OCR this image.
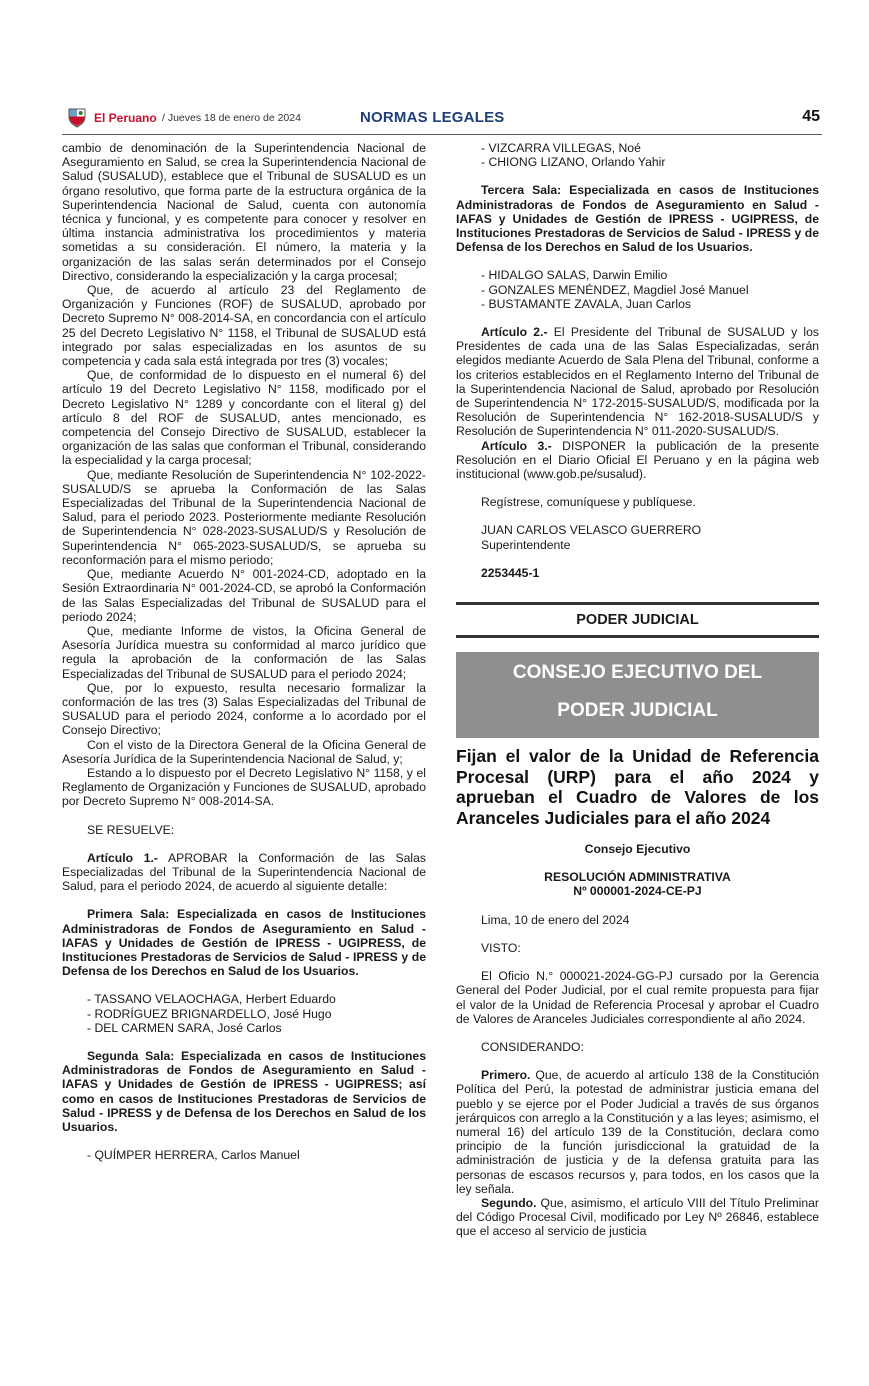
El Peruano / Jueves 18 de enero de 2024	NORMAS LEGALES	45

cambio de denominación de la Superintendencia Nacional de Aseguramiento en Salud, se crea la Superintendencia Nacional de Salud (SUSALUD), establece que el Tribunal de SUSALUD es un órgano resolutivo, que forma parte de la estructura orgánica de la Superintendencia Nacional de Salud, cuenta con autonomía técnica y funcional, y es competente para conocer y resolver en última instancia administrativa los procedimientos y materia sometidas a su consideración. El número, la materia y la organización de las salas serán determinados por el Consejo Directivo, considerando la especialización y la carga procesal;

Que, de acuerdo al artículo 23 del Reglamento de Organización y Funciones (ROF) de SUSALUD, aprobado por Decreto Supremo N° 008-2014-SA, en concordancia con el artículo 25 del Decreto Legislativo N° 1158, el Tribunal de SUSALUD está integrado por salas especializadas en los asuntos de su competencia y cada sala está integrada por tres (3) vocales;

Que, de conformidad de lo dispuesto en el numeral 6) del artículo 19 del Decreto Legislativo N° 1158, modificado por el Decreto Legislativo N° 1289 y concordante con el literal g) del artículo 8 del ROF de SUSALUD, antes mencionado, es competencia del Consejo Directivo de SUSALUD, establecer la organización de las salas que conforman el Tribunal, considerando la especialidad y la carga procesal;

Que, mediante Resolución de Superintendencia N° 102-2022-SUSALUD/S se aprueba la Conformación de las Salas Especializadas del Tribunal de la Superintendencia Nacional de Salud, para el periodo 2023. Posteriormente mediante Resolución de Superintendencia N° 028-2023-SUSALUD/S y Resolución de Superintendencia N° 065-2023-SUSALUD/S, se aprueba su reconformación para el mismo periodo;

Que, mediante Acuerdo N° 001-2024-CD, adoptado en la Sesión Extraordinaria N° 001-2024-CD, se aprobó la Conformación de las Salas Especializadas del Tribunal de SUSALUD para el periodo 2024;

Que, mediante Informe de vistos, la Oficina General de Asesoría Jurídica muestra su conformidad al marco jurídico que regula la aprobación de la conformación de las Salas Especializadas del Tribunal de SUSALUD para el periodo 2024;

Que, por lo expuesto, resulta necesario formalizar la conformación de las tres (3) Salas Especializadas del Tribunal de SUSALUD para el periodo 2024, conforme a lo acordado por el Consejo Directivo;

Con el visto de la Directora General de la Oficina General de Asesoría Jurídica de la Superintendencia Nacional de Salud, y;

Estando a lo dispuesto por el Decreto Legislativo N° 1158, y el Reglamento de Organización y Funciones de SUSALUD, aprobado por Decreto Supremo N° 008-2014-SA.

SE RESUELVE:

Artículo 1.- APROBAR la Conformación de las Salas Especializadas del Tribunal de la Superintendencia Nacional de Salud, para el periodo 2024, de acuerdo al siguiente detalle:

Primera Sala: Especializada en casos de Instituciones Administradoras de Fondos de Aseguramiento en Salud - IAFAS y Unidades de Gestión de IPRESS - UGIPRESS, de Instituciones Prestadoras de Servicios de Salud - IPRESS y de Defensa de los Derechos en Salud de los Usuarios.

- TASSANO VELAOCHAGA, Herbert Eduardo
- RODRÍGUEZ BRIGNARDELLO, José Hugo
- DEL CARMEN SARA, José Carlos

Segunda Sala: Especializada en casos de Instituciones Administradoras de Fondos de Aseguramiento en Salud - IAFAS y Unidades de Gestión de IPRESS - UGIPRESS; así como en casos de Instituciones Prestadoras de Servicios de Salud - IPRESS y de Defensa de los Derechos en Salud de los Usuarios.

- QUÍMPER HERRERA, Carlos Manuel
- VIZCARRA VILLEGAS, Noé
- CHIONG LIZANO, Orlando Yahir

Tercera Sala: Especializada en casos de Instituciones Administradoras de Fondos de Aseguramiento en Salud - IAFAS y Unidades de Gestión de IPRESS - UGIPRESS, de Instituciones Prestadoras de Servicios de Salud - IPRESS y de Defensa de los Derechos en Salud de los Usuarios.

- HIDALGO SALAS, Darwin Emilio
- GONZALES MENÉNDEZ, Magdiel José Manuel
- BUSTAMANTE ZAVALA, Juan Carlos

Artículo 2.- El Presidente del Tribunal de SUSALUD y los Presidentes de cada una de las Salas Especializadas, serán elegidos mediante Acuerdo de Sala Plena del Tribunal, conforme a los criterios establecidos en el Reglamento Interno del Tribunal de la Superintendencia Nacional de Salud, aprobado por Resolución de Superintendencia N° 172-2015-SUSALUD/S, modificada por la Resolución de Superintendencia N° 162-2018-SUSALUD/S y Resolución de Superintendencia N° 011-2020-SUSALUD/S.

Artículo 3.- DISPONER la publicación de la presente Resolución en el Diario Oficial El Peruano y en la página web institucional (www.gob.pe/susalud).

Regístrese, comuníquese y publíquese.

JUAN CARLOS VELASCO GUERRERO

Superintendente

2253445-1

PODER JUDICIAL
CONSEJO EJECUTIVO DEL
PODER JUDICIAL
Fijan el valor de la Unidad de Referencia Procesal (URP) para el año 2024 y aprueban el Cuadro de Valores de los Aranceles Judiciales para el año 2024

Consejo Ejecutivo

RESOLUCIÓN ADMINISTRATIVA

Nº 000001-2024-CE-PJ

Lima, 10 de enero del 2024

VISTO:

El Oficio N.° 000021-2024-GG-PJ cursado por la Gerencia General del Poder Judicial, por el cual remite propuesta para fijar el valor de la Unidad de Referencia Procesal y aprobar el Cuadro de Valores de Aranceles Judiciales correspondiente al año 2024.

CONSIDERANDO:

Primero. Que, de acuerdo al artículo 138 de la Constitución Política del Perú, la potestad de administrar justicia emana del pueblo y se ejerce por el Poder Judicial a través de sus órganos jerárquicos con arreglo a la Constitución y a las leyes; asimismo, el numeral 16) del artículo 139 de la Constitución, declara como principio de la función jurisdiccional la gratuidad de la administración de justicia y de la defensa gratuita para las personas de escasos recursos y, para todos, en los casos que la ley señala.

Segundo. Que, asimismo, el artículo VIII del Título Preliminar del Código Procesal Civil, modificado por Ley Nº 26846, establece que el acceso al servicio de justicia
